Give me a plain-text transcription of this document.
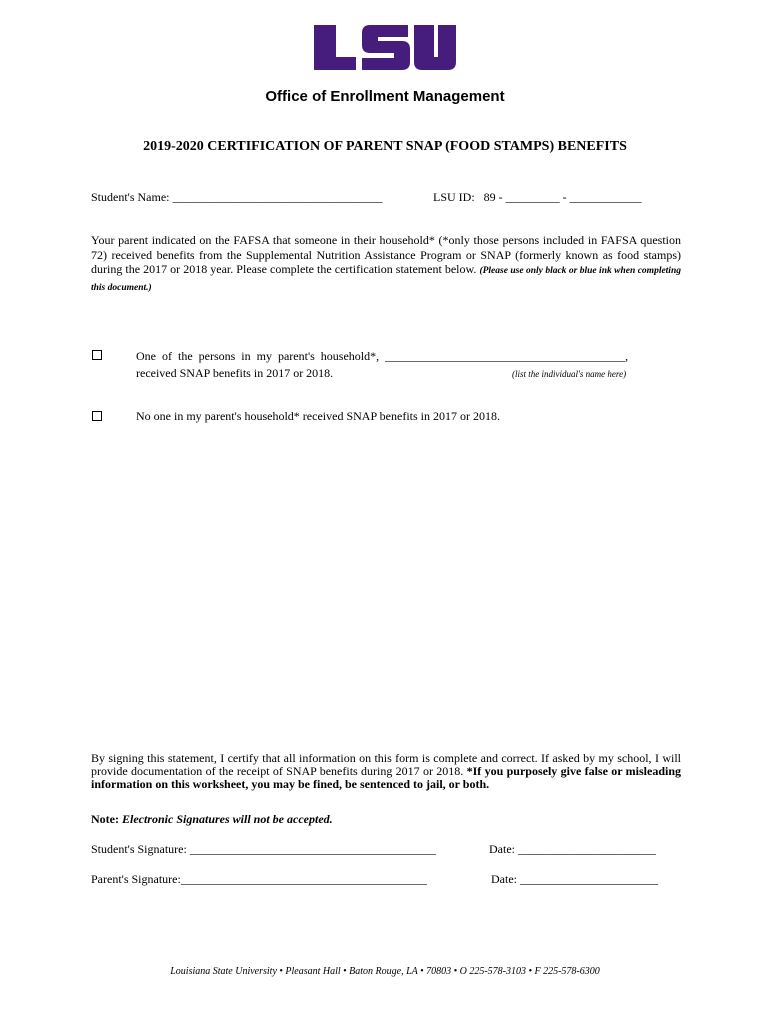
Office of Enrollment Management
2019-2020 CERTIFICATION OF PARENT SNAP (FOOD STAMPS) BENEFITS
Student's Name: ___________________________________	LSU ID:   89 - _________ - ____________
Your parent indicated on the FAFSA that someone in their household* (*only those persons included in FAFSA question 72) received benefits from the Supplemental Nutrition Assistance Program or SNAP (formerly known as food stamps) during the 2017 or 2018 year. Please complete the certification statement below. (Please use only black or blue ink when completing this document.)
One  of  the  persons  in  my  parent's  household*,  ________________________________________,
received SNAP benefits in 2017 or 2018.	(list the individual's name here)
No one in my parent's household* received SNAP benefits in 2017 or 2018.
By signing this statement, I certify that all information on this form is complete and correct. If asked by my school, I will provide documentation of the receipt of SNAP benefits during 2017 or 2018. *If you purposely give false or misleading information on this worksheet, you may be fined, be sentenced to jail, or both.
Note: Electronic Signatures will not be accepted.
Student's Signature: _________________________________________	Date: _______________________
Parent's Signature:_________________________________________	Date: _______________________
Louisiana State University • Pleasant Hall • Baton Rouge, LA • 70803 • O 225-578-3103 • F 225-578-6300
